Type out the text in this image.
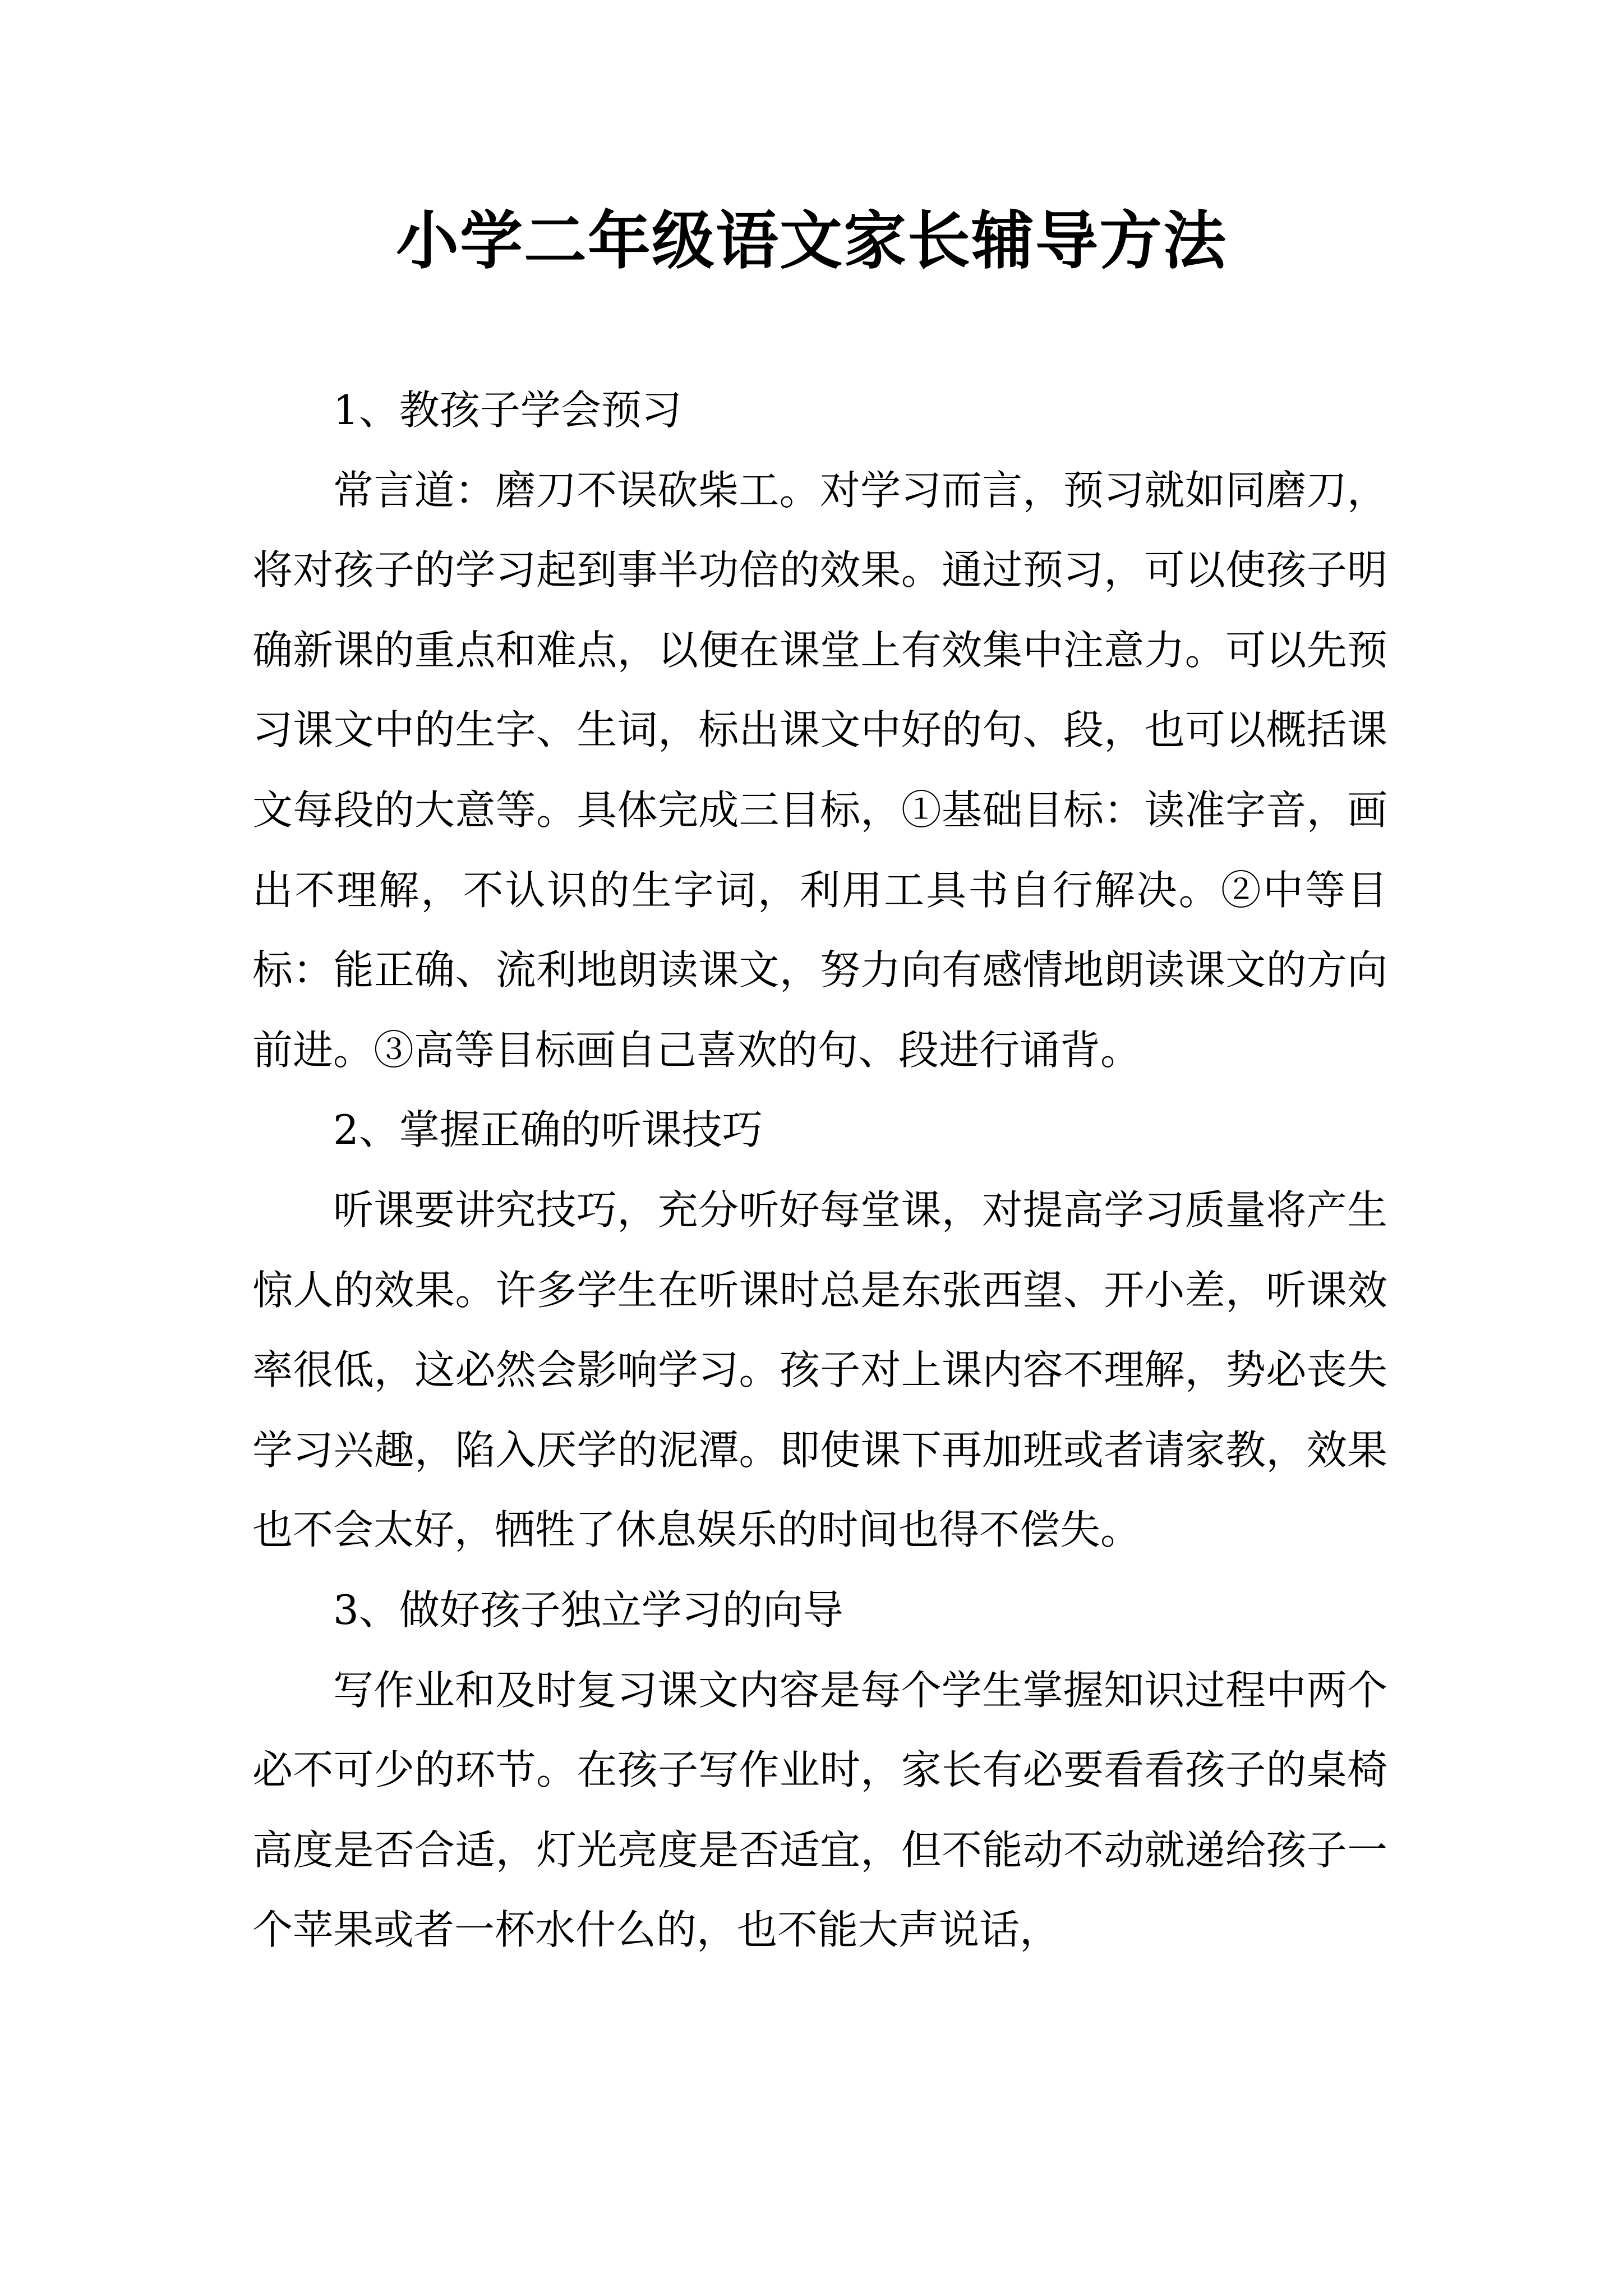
小学二年级语文家长辅导方法

1、教孩子学会预习

常言道：磨刀不误砍柴工。对学习而言，预习就如同磨刀，将对孩子的学习起到事半功倍的效果。通过预习，可以使孩子明确新课的重点和难点，以便在课堂上有效集中注意力。可以先预习课文中的生字、生词，标出课文中好的句、段，也可以概括课文每段的大意等。具体完成三目标，①基础目标：读准字音，画出不理解，不认识的生字词，利用工具书自行解决。②中等目标：能正确、流利地朗读课文，努力向有感情地朗读课文的方向前进。③高等目标画自己喜欢的句、段进行诵背。

2、掌握正确的听课技巧

听课要讲究技巧，充分听好每堂课，对提高学习质量将产生惊人的效果。许多学生在听课时总是东张西望、开小差，听课效率很低，这必然会影响学习。孩子对上课内容不理解，势必丧失学习兴趣，陷入厌学的泥潭。即使课下再加班或者请家教，效果也不会太好，牺牲了休息娱乐的时间也得不偿失。

3、做好孩子独立学习的向导

写作业和及时复习课文内容是每个学生掌握知识过程中两个必不可少的环节。在孩子写作业时，家长有必要看看孩子的桌椅高度是否合适，灯光亮度是否适宜，但不能动不动就递给孩子一个苹果或者一杯水什么的，也不能大声说话，
